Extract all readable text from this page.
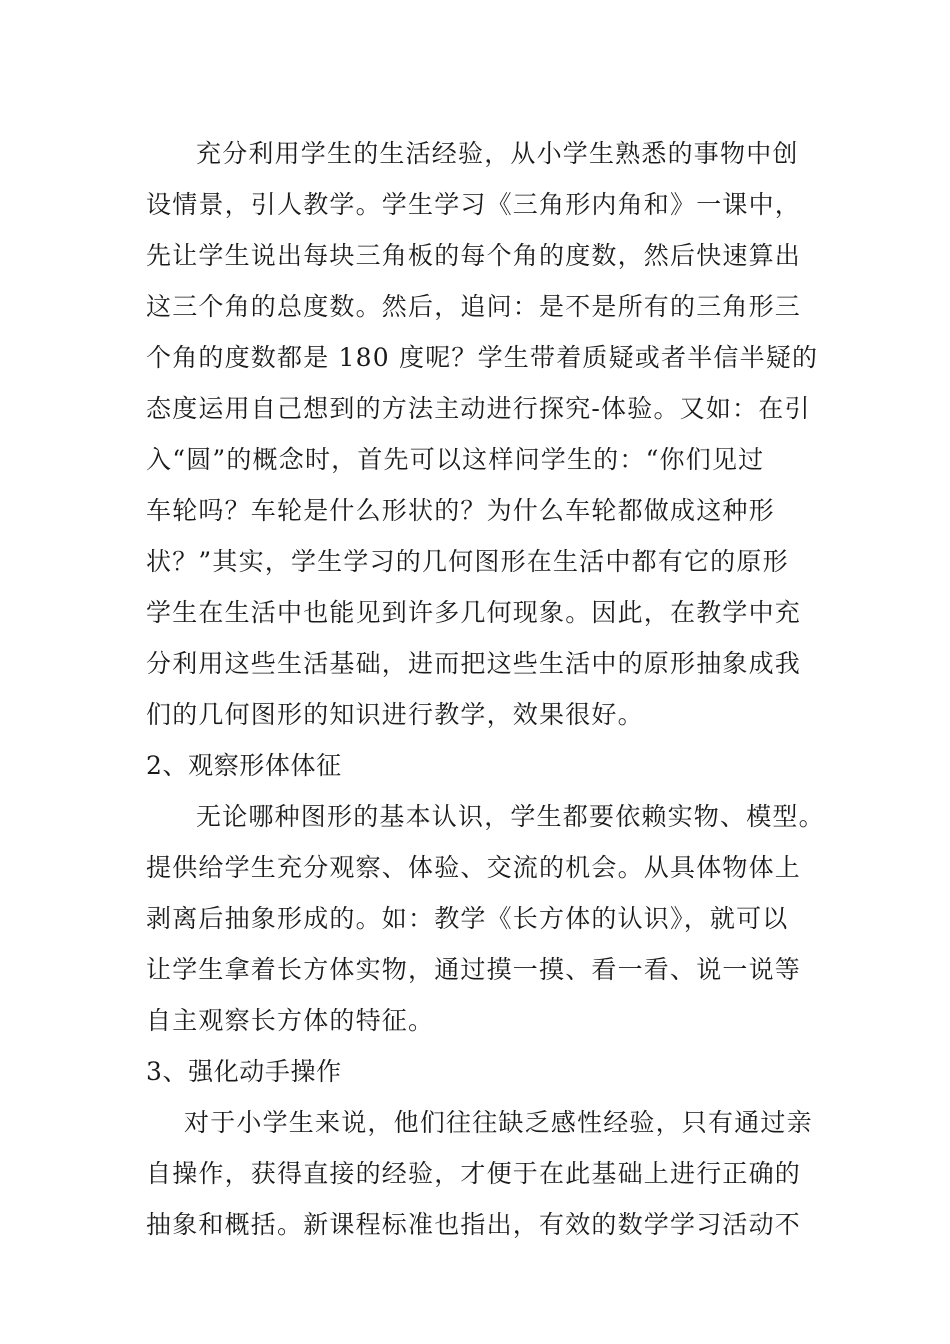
充分利用学生的生活经验，从小学生熟悉的事物中创
设情景，引人教学。学生学习《三角形内角和》一课中，
先让学生说出每块三角板的每个角的度数，然后快速算出
这三个角的总度数。然后，追问：是不是所有的三角形三
个角的度数都是 180 度呢？学生带着质疑或者半信半疑的
态度运用自己想到的方法主动进行探究-体验。又如：在引
入“圆”的概念时，首先可以这样问学生的：“你们见过
车轮吗？车轮是什么形状的？为什么车轮都做成这种形
状？”其实，学生学习的几何图形在生活中都有它的原形
学生在生活中也能见到许多几何现象。因此，在教学中充
分利用这些生活基础，进而把这些生活中的原形抽象成我
们的几何图形的知识进行教学，效果很好。
2、观察形体体征
无论哪种图形的基本认识，学生都要依赖实物、模型。
提供给学生充分观察、体验、交流的机会。从具体物体上
剥离后抽象形成的。如：教学《长方体的认识》，就可以
让学生拿着长方体实物，通过摸一摸、看一看、说一说等
自主观察长方体的特征。
3、强化动手操作
对于小学生来说，他们往往缺乏感性经验，只有通过亲
自操作，获得直接的经验，才便于在此基础上进行正确的
抽象和概括。新课程标准也指出，有效的数学学习活动不
